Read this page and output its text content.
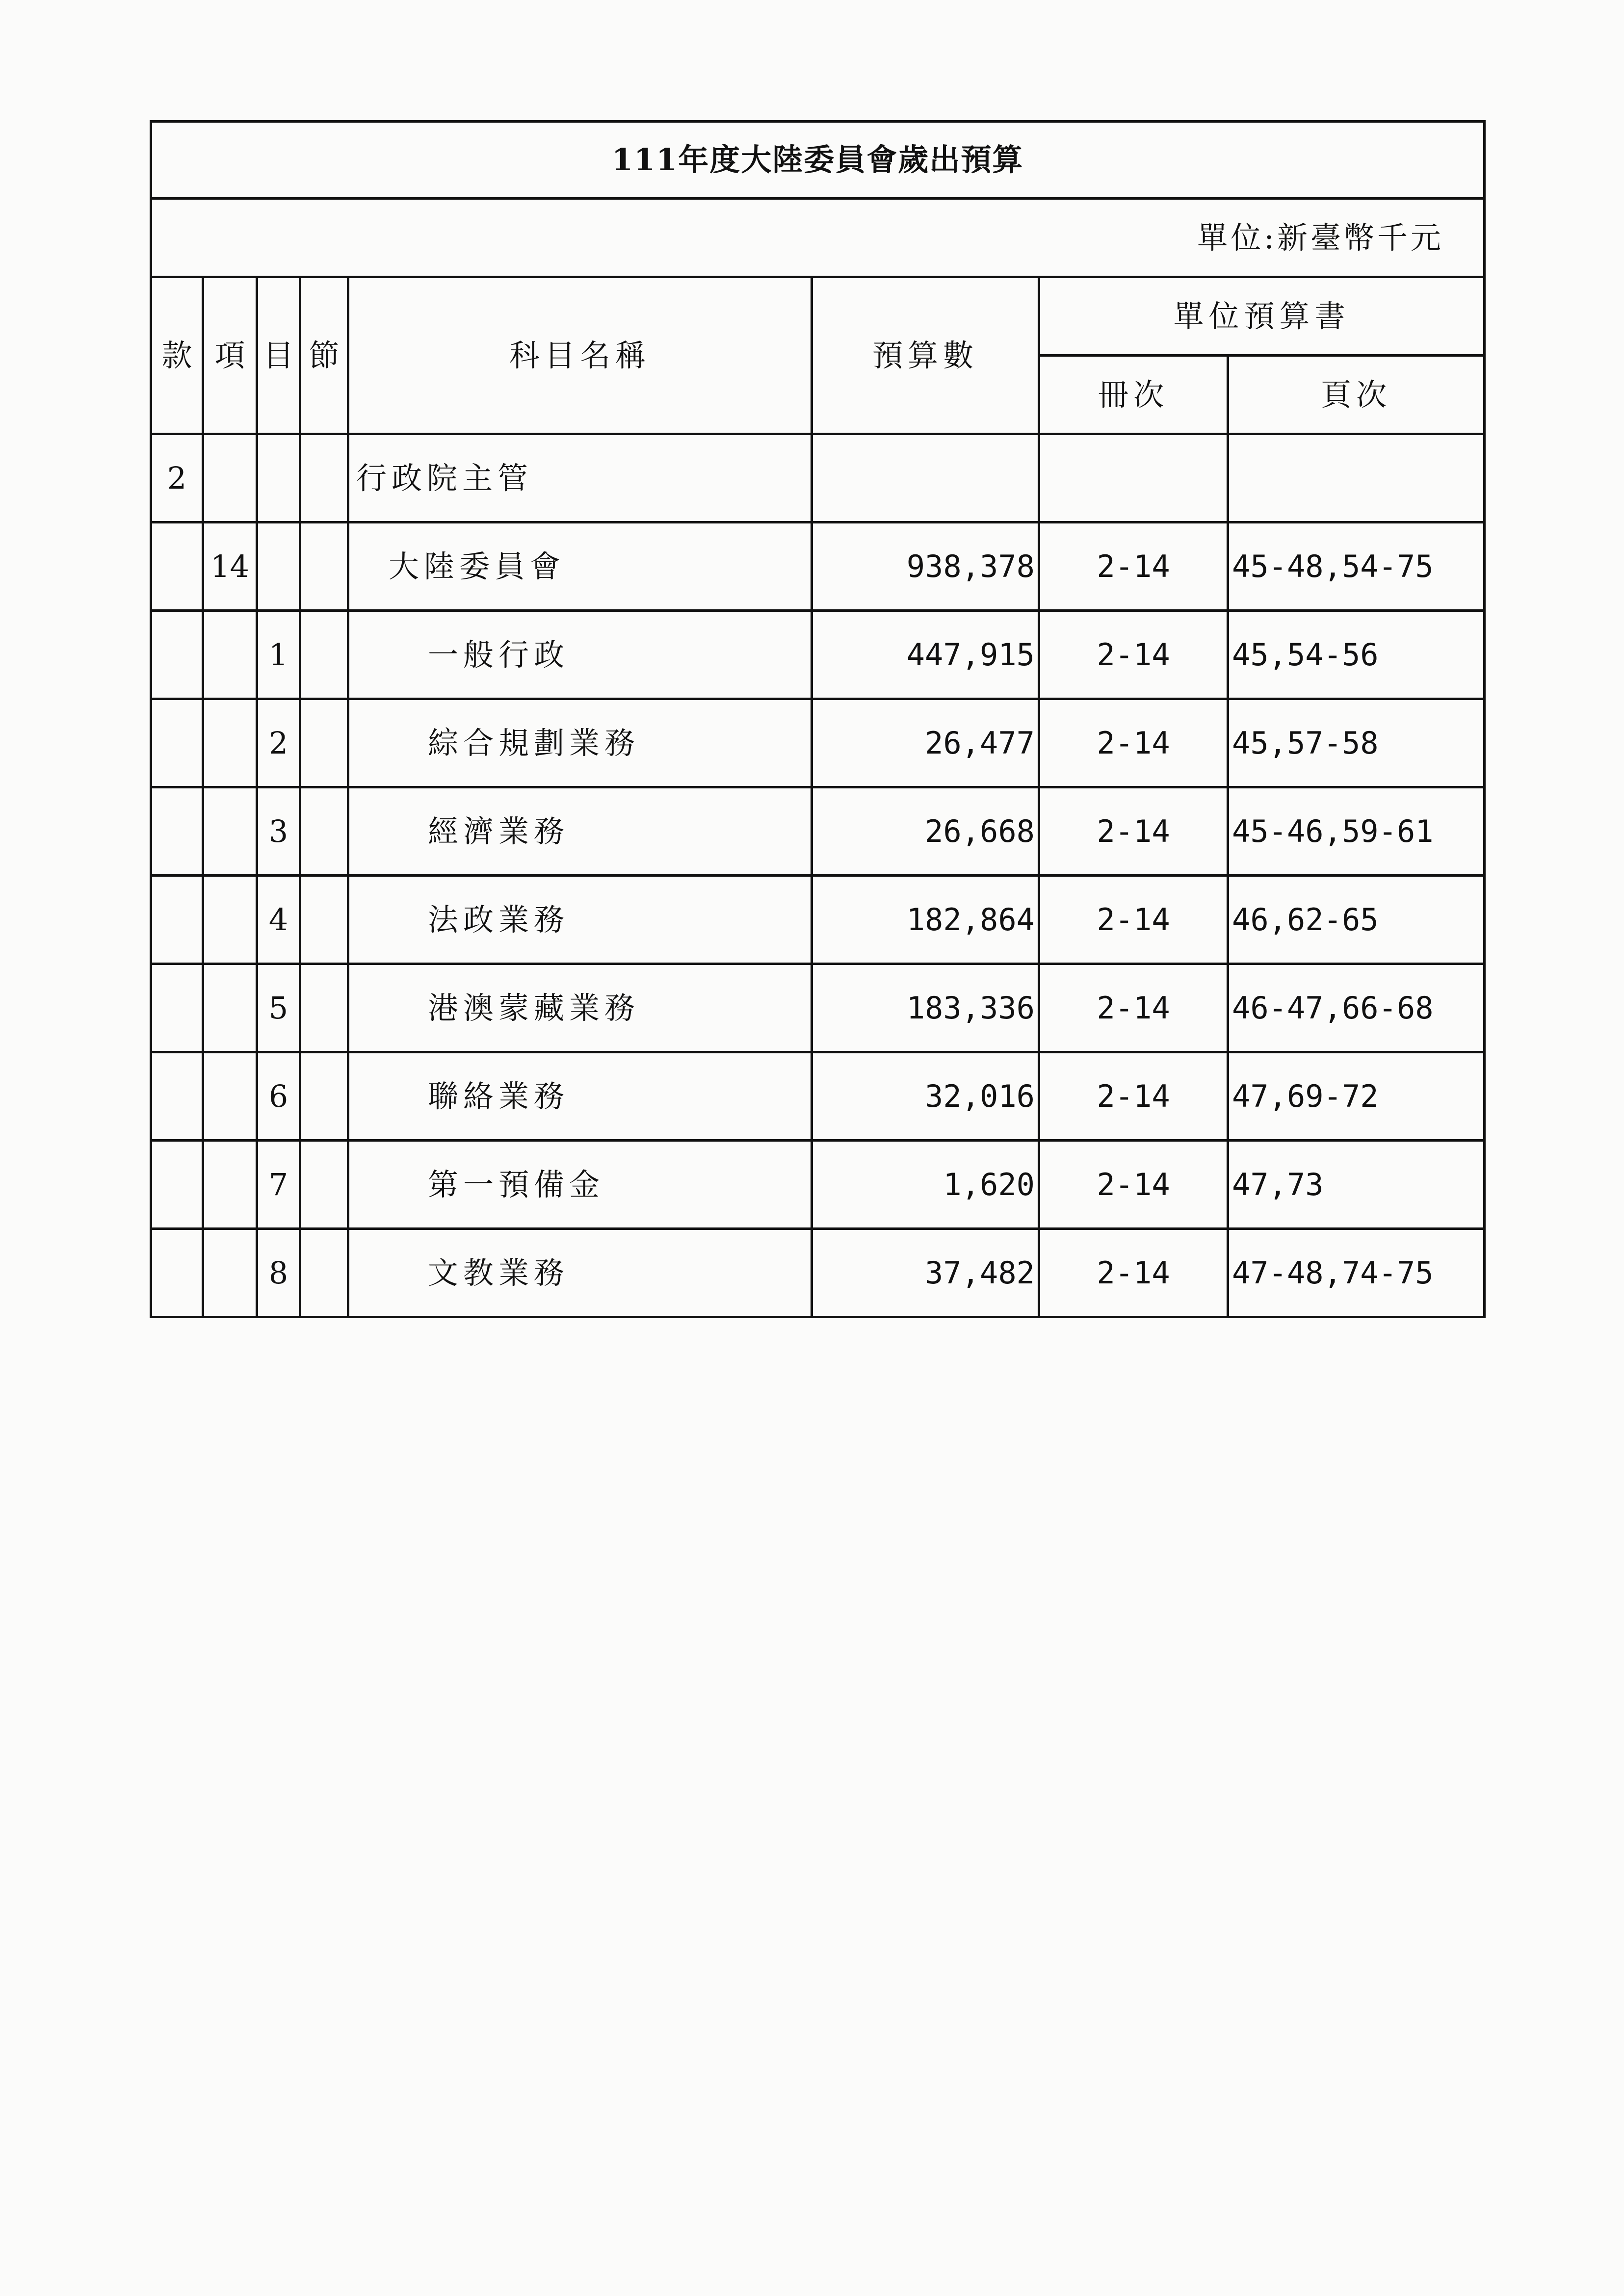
111年度大陸委員會歲出預算							
單位:新臺幣千元							
款	項	目	節	科目名稱	預算數	單位預算書	
						冊次	頁次
2				行政院主管			
	14			大陸委員會	938,378	2-14	45-48,54-75
		1		一般行政	447,915	2-14	45,54-56
		2		綜合規劃業務	26,477	2-14	45,57-58
		3		經濟業務	26,668	2-14	45-46,59-61
		4		法政業務	182,864	2-14	46,62-65
		5		港澳蒙藏業務	183,336	2-14	46-47,66-68
		6		聯絡業務	32,016	2-14	47,69-72
		7		第一預備金	1,620	2-14	47,73
		8		文教業務	37,482	2-14	47-48,74-75
